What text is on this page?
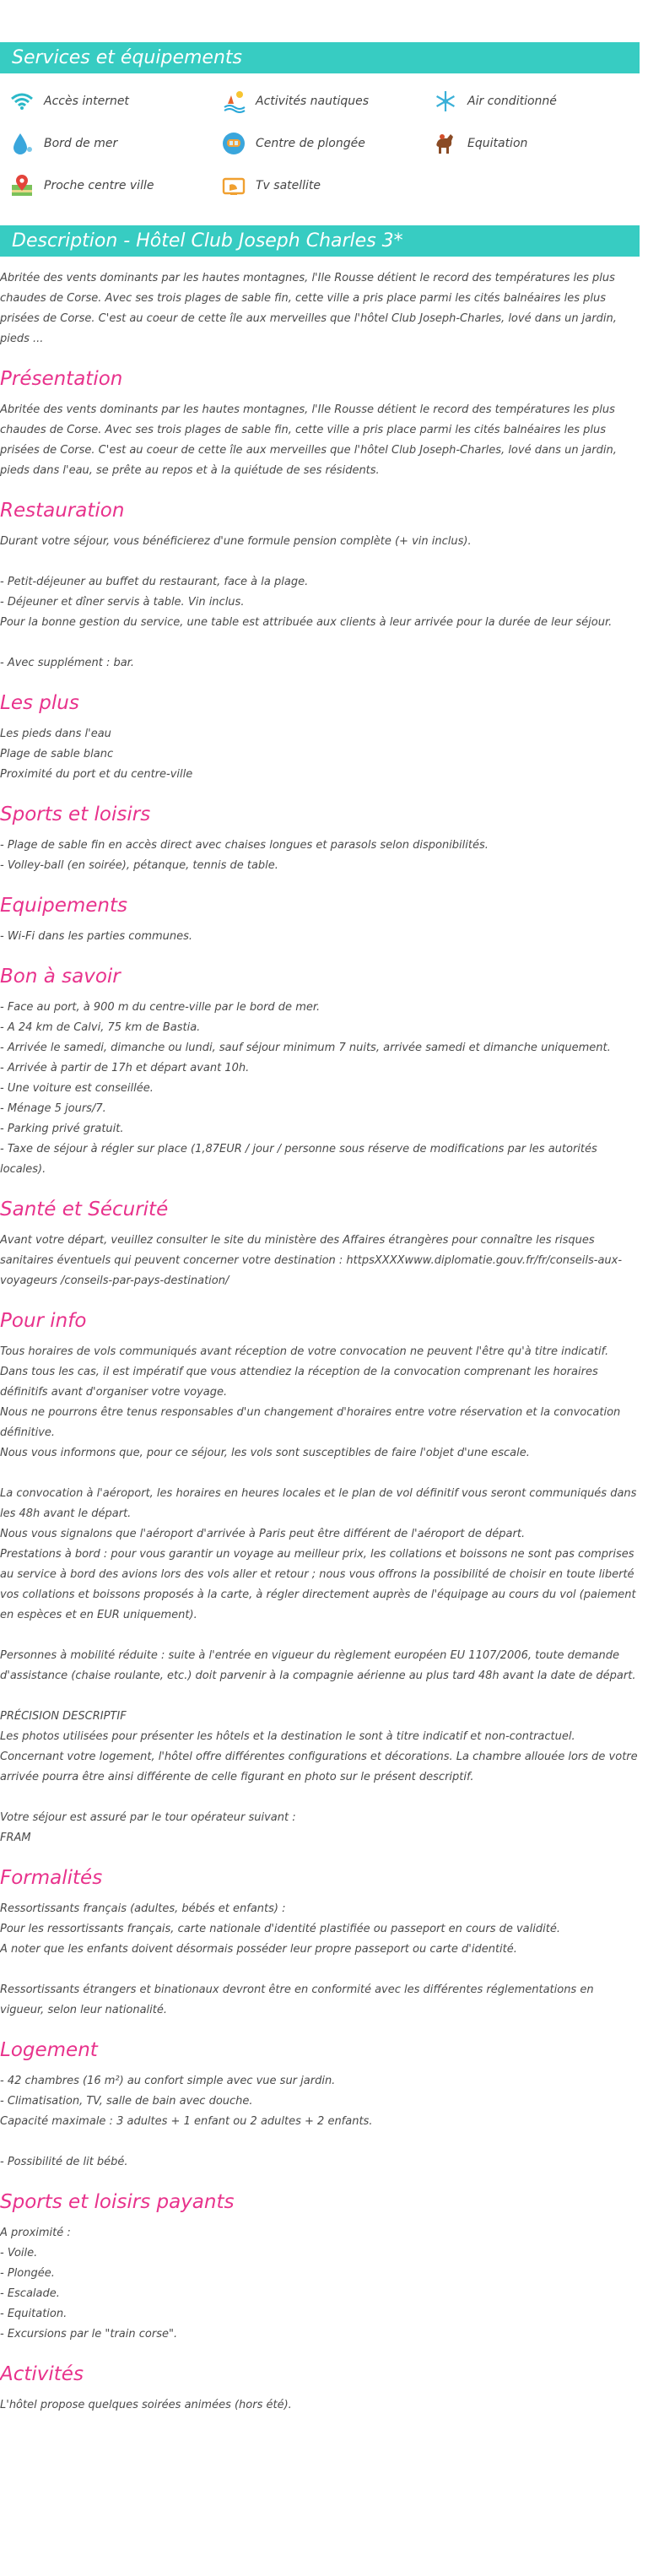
Services et équipements
Accès internet	Activités nautiques	Air conditionné
Bord de mer	Centre de plongée	Equitation
Proche centre ville	Tv satellite
Description - Hôtel Club Joseph Charles 3*
Abritée des vents dominants par les hautes montagnes, l'Ile Rousse détient le record des températures les plus chaudes de Corse. Avec ses trois plages de sable fin, cette ville a pris place parmi les cités balnéaires les plus prisées de Corse. C'est au coeur de cette île aux merveilles que l'hôtel Club Joseph-Charles, lové dans un jardin, pieds ...
Présentation
Abritée des vents dominants par les hautes montagnes, l'Ile Rousse détient le record des températures les plus chaudes de Corse. Avec ses trois plages de sable fin, cette ville a pris place parmi les cités balnéaires les plus prisées de Corse. C'est au coeur de cette île aux merveilles que l'hôtel Club Joseph-Charles, lové dans un jardin, pieds dans l'eau, se prête au repos et à la quiétude de ses résidents.
Restauration
Durant votre séjour, vous bénéficierez d'une formule pension complète (+ vin inclus).
- Petit-déjeuner au buffet du restaurant, face à la plage.
- Déjeuner et dîner servis à table. Vin inclus.
Pour la bonne gestion du service, une table est attribuée aux clients à leur arrivée pour la durée de leur séjour.
- Avec supplément : bar.
Les plus
Les pieds dans l'eau
Plage de sable blanc
Proximité du port et du centre-ville
Sports et loisirs
- Plage de sable fin en accès direct avec chaises longues et parasols selon disponibilités.
- Volley-ball (en soirée), pétanque, tennis de table.
Equipements
- Wi-Fi dans les parties communes.
Bon à savoir
- Face au port, à 900 m du centre-ville par le bord de mer.
- A 24 km de Calvi, 75 km de Bastia.
- Arrivée le samedi, dimanche ou lundi, sauf séjour minimum 7 nuits, arrivée samedi et dimanche uniquement.
- Arrivée à partir de 17h et départ avant 10h.
- Une voiture est conseillée.
- Ménage 5 jours/7.
- Parking privé gratuit.
- Taxe de séjour à régler sur place (1,87EUR / jour / personne sous réserve de modifications par les autorités locales).
Santé et Sécurité
Avant votre départ, veuillez consulter le site du ministère des Affaires étrangères pour connaître les risques sanitaires éventuels qui peuvent concerner votre destination : httpsXXXXwww.diplomatie.gouv.fr/fr/conseils-aux-voyageurs /conseils-par-pays-destination/
Pour info
Tous horaires de vols communiqués avant réception de votre convocation ne peuvent l'être qu'à titre indicatif.
Dans tous les cas, il est impératif que vous attendiez la réception de la convocation comprenant les horaires définitifs avant d'organiser votre voyage.
Nous ne pourrons être tenus responsables d'un changement d'horaires entre votre réservation et la convocation définitive.
Nous vous informons que, pour ce séjour, les vols sont susceptibles de faire l'objet d'une escale.
La convocation à l'aéroport, les horaires en heures locales et le plan de vol définitif vous seront communiqués dans les 48h avant le départ.
Nous vous signalons que l'aéroport d'arrivée à Paris peut être différent de l'aéroport de départ.
Prestations à bord : pour vous garantir un voyage au meilleur prix, les collations et boissons ne sont pas comprises au service à bord des avions lors des vols aller et retour ; nous vous offrons la possibilité de choisir en toute liberté vos collations et boissons proposés à la carte, à régler directement auprès de l'équipage au cours du vol (paiement en espèces et en EUR uniquement).
Personnes à mobilité réduite : suite à l'entrée en vigueur du règlement européen EU 1107/2006, toute demande d'assistance (chaise roulante, etc.) doit parvenir à la compagnie aérienne au plus tard 48h avant la date de départ.
PRÉCISION DESCRIPTIF
Les photos utilisées pour présenter les hôtels et la destination le sont à titre indicatif et non-contractuel. Concernant votre logement, l'hôtel offre différentes configurations et décorations. La chambre allouée lors de votre arrivée pourra être ainsi différente de celle figurant en photo sur le présent descriptif.
Votre séjour est assuré par le tour opérateur suivant :
FRAM
Formalités
Ressortissants français (adultes, bébés et enfants) :
Pour les ressortissants français, carte nationale d'identité plastifiée ou passeport en cours de validité.
A noter que les enfants doivent désormais posséder leur propre passeport ou carte d'identité.
Ressortissants étrangers et binationaux devront être en conformité avec les différentes réglementations en vigueur, selon leur nationalité.
Logement
- 42 chambres (16 m²) au confort simple avec vue sur jardin.
- Climatisation, TV, salle de bain avec douche.
Capacité maximale : 3 adultes + 1 enfant ou 2 adultes + 2 enfants.
- Possibilité de lit bébé.
Sports et loisirs payants
A proximité :
- Voile.
- Plongée.
- Escalade.
- Equitation.
- Excursions par le "train corse".
Activités
L'hôtel propose quelques soirées animées (hors été).
